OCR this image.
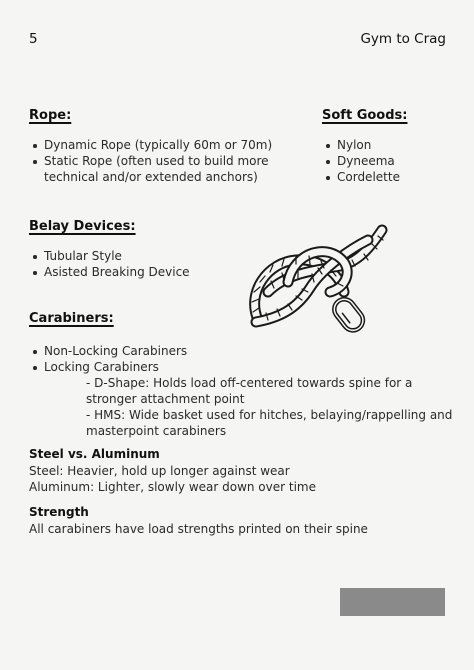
5	Gym to Crag
Rope:
Dynamic Rope (typically 60m or 70m)
Static Rope (often used to build more technical and/or extended anchors)
Soft Goods:
Nylon
Dyneema
Cordelette
Belay Devices:
Tubular Style
Asisted Breaking Device
Carabiners:
Non-Locking Carabiners
Locking Carabiners
- D-Shape: Holds load off-centered towards spine for a stronger attachment point
- HMS: Wide basket used for hitches, belaying/rappelling and masterpoint carabiners
Steel vs. Aluminum
Steel: Heavier, hold up longer against wear
Aluminum: Lighter, slowly wear down over time
Strength
All carabiners have load strengths printed on their spine
